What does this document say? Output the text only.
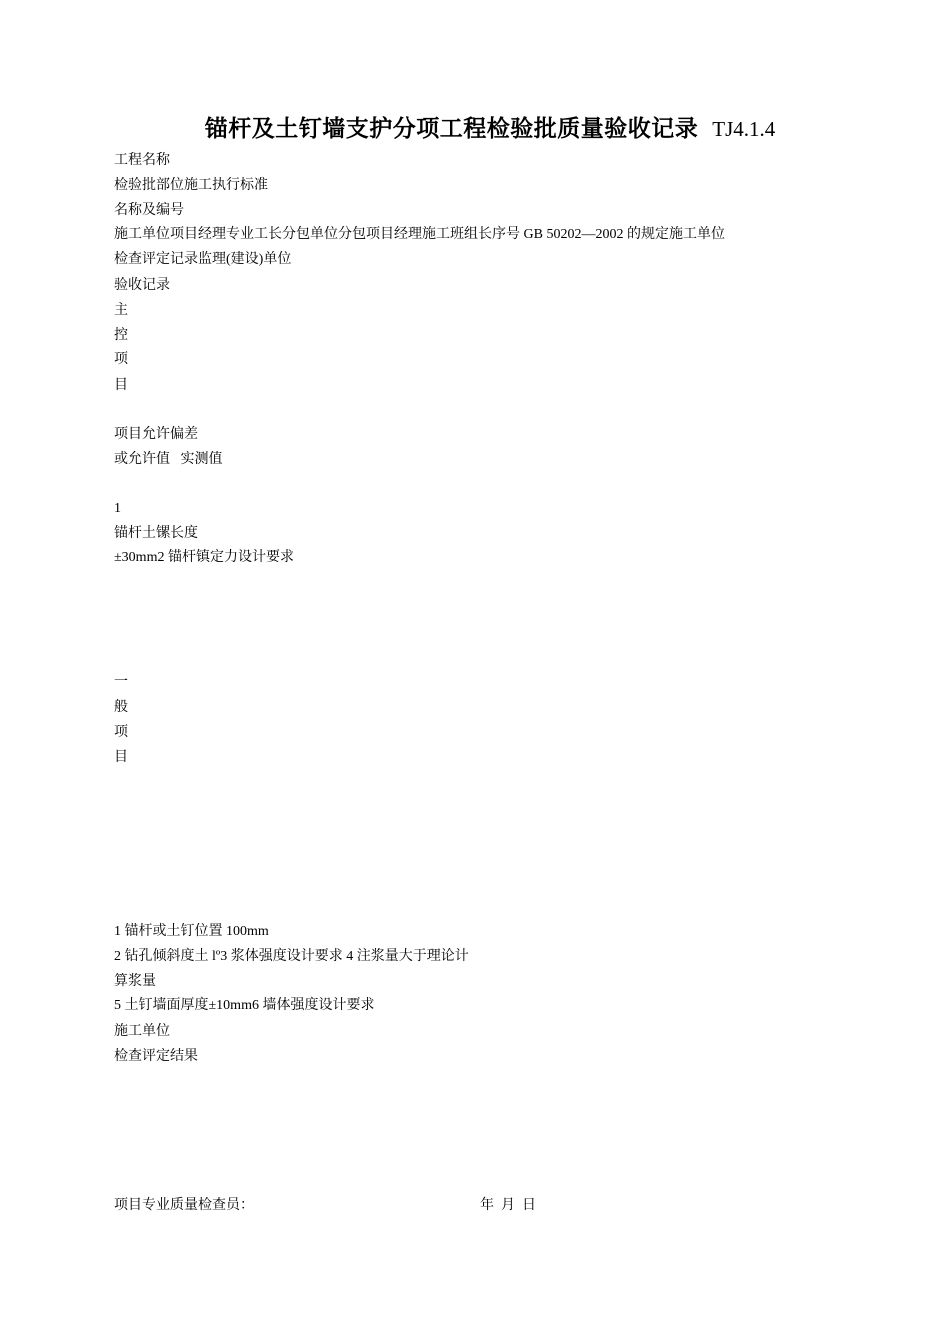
锚杆及土钉墙支护分项工程检验批质量验收记录 TJ4.1.4
工程名称
检验批部位施工执行标准
名称及编号
施工单位项目经理专业工长分包单位分包项目经理施工班组长序号 GB 50202—2002 的规定施工单位
检查评定记录监理(建设)单位
验收记录
主
控
项
目
项目允许偏差
或允许值   实测值
1
锚杆土镙长度
±30mm2 锚杆镇定力设计要求
一
般
项
目
1 锚杆或土钉位置 100mm
2 钻孔倾斜度土 lº3 浆体强度设计要求 4 注浆量大于理论计
算浆量
5 土钉墙面厚度±10mm6 墙体强度设计要求
施工单位
检查评定结果
项目专业质量检查员：	年  月  日
